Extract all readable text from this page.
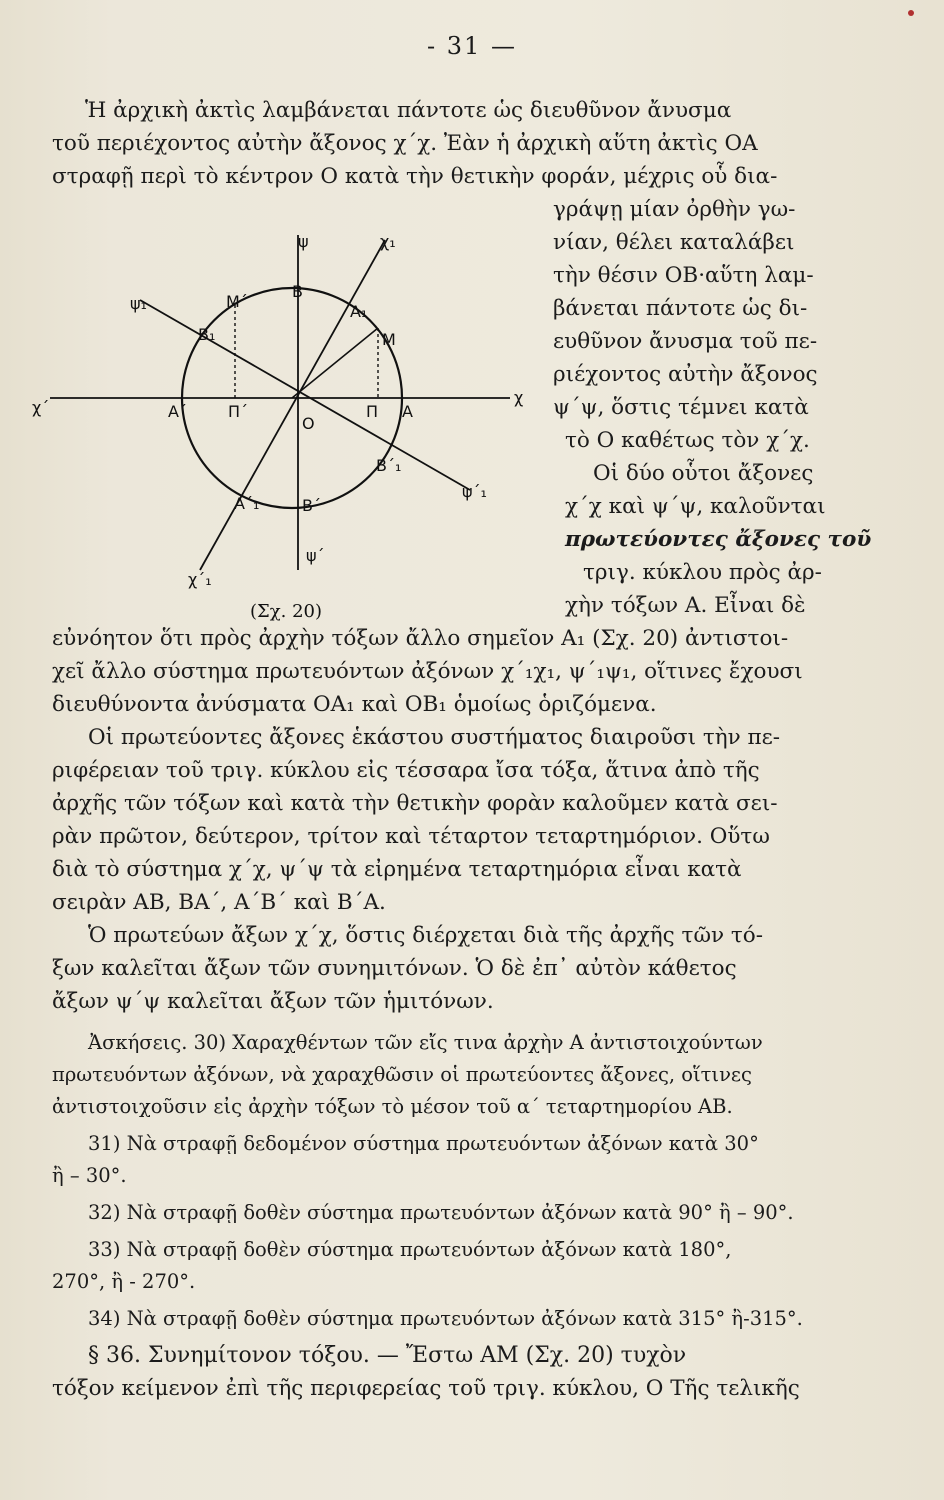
- 31 —
Ἡ ἀρχικὴ ἀκτὶς λαμβάνεται πάντοτε ὡς διευθῦνον ἄνυσμα
τοῦ περιέχοντος αὐτὴν ἄξονος χ΄χ. Ἐὰν ἡ ἀρχικὴ αὕτη ἀκτὶς ΟΑ
στραφῇ περὶ τὸ κέντρον Ο κατὰ τὴν θετικὴν φοράν, μέχρις οὗ δια-
γράψῃ μίαν ὀρθὴν γω-
νίαν, θέλει καταλάβει
τὴν θέσιν ΟΒ·αὕτη λαμ-
βάνεται πάντοτε ὡς δι-
ευθῦνον ἄνυσμα τοῦ πε-
ριέχοντος αὐτὴν ἄξονος
ψ΄ψ, ὅστις τέμνει κατὰ
τὸ Ο καθέτως τὸν χ΄χ.
Οἱ δύο οὗτοι ἄξονες
χ΄χ καὶ ψ΄ψ, καλοῦνται
πρωτεύοντες ἄξονες τοῦ
τριγ. κύκλου πρὸς ἀρ-
χὴν τόξων Α. Εἶναι δὲ
εὐνόητον ὅτι πρὸς ἀρχὴν τόξων ἄλλο σημεῖον Α₁ (Σχ. 20) ἀντιστοι-
χεῖ ἄλλο σύστημα πρωτευόντων ἀξόνων χ΄₁χ₁, ψ΄₁ψ₁, οἵτινες ἔχουσι
διευθύνοντα ἀνύσματα ΟΑ₁ καὶ ΟΒ₁ ὁμοίως ὁριζόμενα.
Οἱ πρωτεύοντες ἄξονες ἑκάστου συστήματος διαιροῦσι τὴν πε-
ριφέρειαν τοῦ τριγ. κύκλου εἰς τέσσαρα ἴσα τόξα, ἅτινα ἀπὸ τῆς
ἀρχῆς τῶν τόξων καὶ κατὰ τὴν θετικὴν φορὰν καλοῦμεν κατὰ σει-
ρὰν πρῶτον, δεύτερον, τρίτον καὶ τέταρτον τεταρτημόριον. Οὕτω
διὰ τὸ σύστημα χ΄χ, ψ΄ψ τὰ εἰρημένα τεταρτημόρια εἶναι κατὰ
σειρὰν ΑΒ, ΒΑ΄, Α΄Β΄ καὶ Β΄Α.
Ὁ πρωτεύων ἄξων χ΄χ, ὅστις διέρχεται διὰ τῆς ἀρχῆς τῶν τό-
ξων καλεῖται ἄξων τῶν συνημιτόνων. Ὁ δὲ ἐπ᾿ αὐτὸν κάθετος
ἄξων ψ΄ψ καλεῖται ἄξων τῶν ἡμιτόνων.
Ἀσκήσεις. 30) Χαραχθέντων τῶν εἴς τινα ἀρχὴν Α ἀντιστοιχούντων
πρωτευόντων ἀξόνων, νὰ χαραχθῶσιν οἱ πρωτεύοντες ἄξονες, οἵτινες
ἀντιστοιχοῦσιν εἰς ἀρχὴν τόξων τὸ μέσον τοῦ α΄ τεταρτημορίου ΑΒ.
31) Νὰ στραφῇ δεδομένον σύστημα πρωτευόντων ἀξόνων κατὰ 30°
ἢ – 30°.
32) Νὰ στραφῇ δοθὲν σύστημα πρωτευόντων ἀξόνων κατὰ 90° ἢ – 90°.
33) Νὰ στραφῇ δοθὲν σύστημα πρωτευόντων ἀξόνων κατὰ 180°,
270°, ἢ - 270°.
34) Νὰ στραφῇ δοθὲν σύστημα πρωτευόντων ἀξόνων κατὰ 315° ἢ-315°.
§ 36. Συνημίτονον τόξου. — Ἔστω ΑΜ (Σχ. 20) τυχὸν
τόξον κείμενον ἐπὶ τῆς περιφερείας τοῦ τριγ. κύκλου, Ο Τῆς τελικῆς
ψ	χ₁
ψ₁	Μ΄
Β
Α₁
Β₁	Μ
χ΄	Α΄	Π΄
Ο
Π Α
χ
Β΄₁
ψ΄₁
Α΄₁	Β΄
ψ΄
χ΄₁
(Σχ. 20)
